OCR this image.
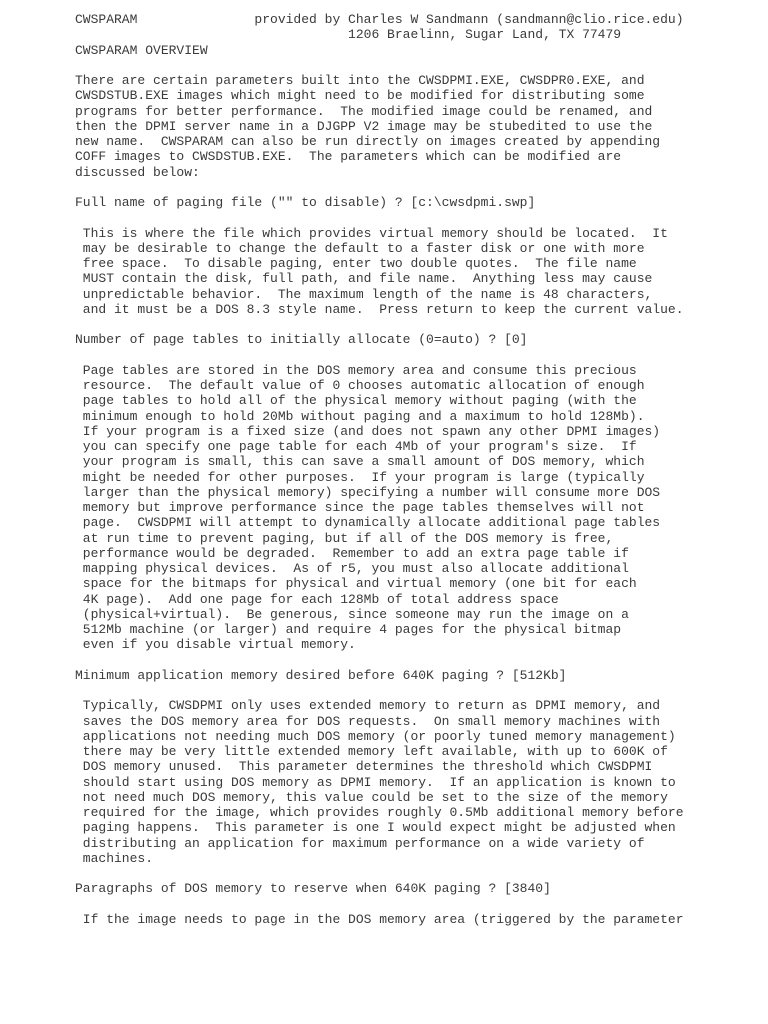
CWSPARAM               provided by Charles W Sandmann (sandmann@clio.rice.edu)
1206 Braelinn, Sugar Land, TX 77479
CWSPARAM OVERVIEW
There are certain parameters built into the CWSDPMI.EXE, CWSDPR0.EXE, and
CWSDSTUB.EXE images which might need to be modified for distributing some
programs for better performance.  The modified image could be renamed, and
then the DPMI server name in a DJGPP V2 image may be stubedited to use the
new name.  CWSPARAM can also be run directly on images created by appending
COFF images to CWSDSTUB.EXE.  The parameters which can be modified are
discussed below:
Full name of paging file ("" to disable) ? [c:\cwsdpmi.swp]
This is where the file which provides virtual memory should be located.  It
may be desirable to change the default to a faster disk or one with more
free space.  To disable paging, enter two double quotes.  The file name
MUST contain the disk, full path, and file name.  Anything less may cause
unpredictable behavior.  The maximum length of the name is 48 characters,
and it must be a DOS 8.3 style name.  Press return to keep the current value.
Number of page tables to initially allocate (0=auto) ? [0]
Page tables are stored in the DOS memory area and consume this precious
resource.  The default value of 0 chooses automatic allocation of enough
page tables to hold all of the physical memory without paging (with the
minimum enough to hold 20Mb without paging and a maximum to hold 128Mb).
If your program is a fixed size (and does not spawn any other DPMI images)
you can specify one page table for each 4Mb of your program's size.  If
your program is small, this can save a small amount of DOS memory, which
might be needed for other purposes.  If your program is large (typically
larger than the physical memory) specifying a number will consume more DOS
memory but improve performance since the page tables themselves will not
page.  CWSDPMI will attempt to dynamically allocate additional page tables
at run time to prevent paging, but if all of the DOS memory is free,
performance would be degraded.  Remember to add an extra page table if
mapping physical devices.  As of r5, you must also allocate additional
space for the bitmaps for physical and virtual memory (one bit for each
4K page).  Add one page for each 128Mb of total address space
(physical+virtual).  Be generous, since someone may run the image on a
512Mb machine (or larger) and require 4 pages for the physical bitmap
even if you disable virtual memory.
Minimum application memory desired before 640K paging ? [512Kb]
Typically, CWSDPMI only uses extended memory to return as DPMI memory, and
saves the DOS memory area for DOS requests.  On small memory machines with
applications not needing much DOS memory (or poorly tuned memory management)
there may be very little extended memory left available, with up to 600K of
DOS memory unused.  This parameter determines the threshold which CWSDPMI
should start using DOS memory as DPMI memory.  If an application is known to
not need much DOS memory, this value could be set to the size of the memory
required for the image, which provides roughly 0.5Mb additional memory before
paging happens.  This parameter is one I would expect might be adjusted when
distributing an application for maximum performance on a wide variety of
machines.
Paragraphs of DOS memory to reserve when 640K paging ? [3840]
If the image needs to page in the DOS memory area (triggered by the parameter
